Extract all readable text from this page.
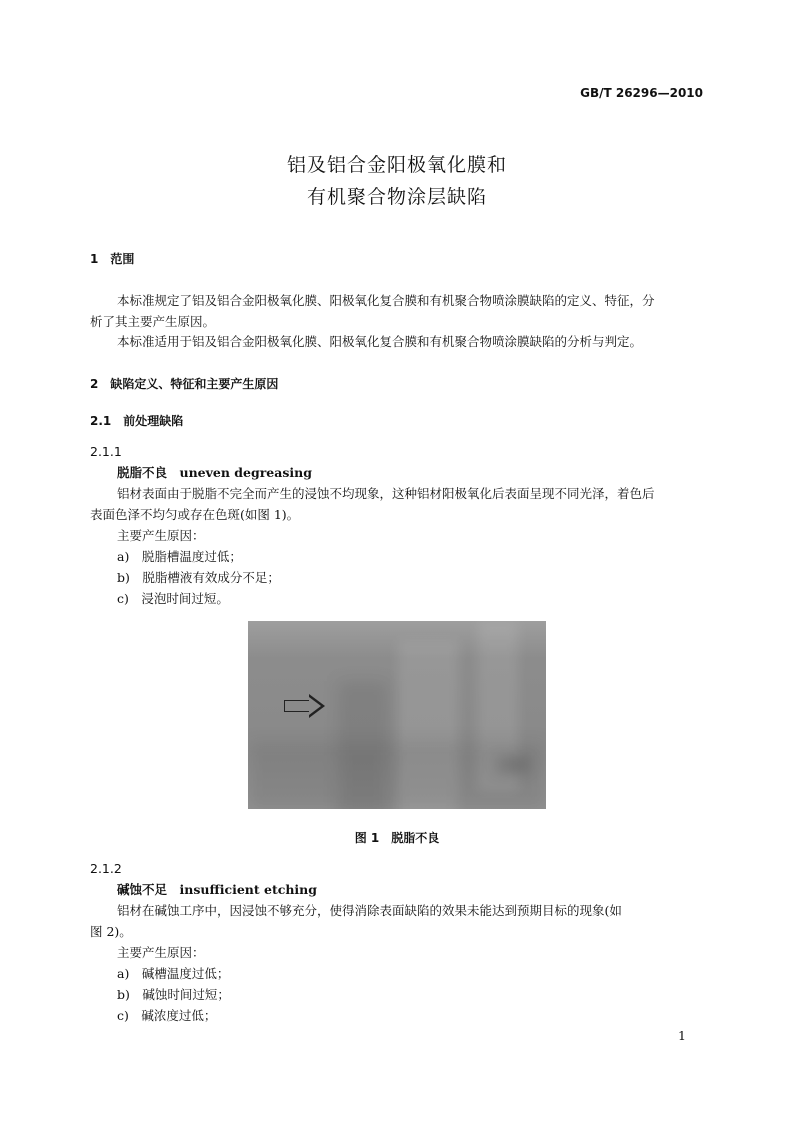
GB/T 26296—2010
铝及铝合金阳极氧化膜和
有机聚合物涂层缺陷
1　范围
本标准规定了铝及铝合金阳极氧化膜、阳极氧化复合膜和有机聚合物喷涂膜缺陷的定义、特征，分
析了其主要产生原因。
本标准适用于铝及铝合金阳极氧化膜、阳极氧化复合膜和有机聚合物喷涂膜缺陷的分析与判定。
2　缺陷定义、特征和主要产生原因
2.1　前处理缺陷
2.1.1
脱脂不良　uneven degreasing
铝材表面由于脱脂不完全而产生的浸蚀不均现象，这种铝材阳极氧化后表面呈现不同光泽，着色后
表面色泽不均匀或存在色斑(如图 1)。
主要产生原因：
a)　脱脂槽温度过低；
b)　脱脂槽液有效成分不足；
c)　浸泡时间过短。
图 1　脱脂不良
2.1.2
碱蚀不足　insufficient etching
铝材在碱蚀工序中，因浸蚀不够充分，使得消除表面缺陷的效果未能达到预期目标的现象(如
图 2)。
主要产生原因：
a)　碱槽温度过低；
b)　碱蚀时间过短；
c)　碱浓度过低；
1
